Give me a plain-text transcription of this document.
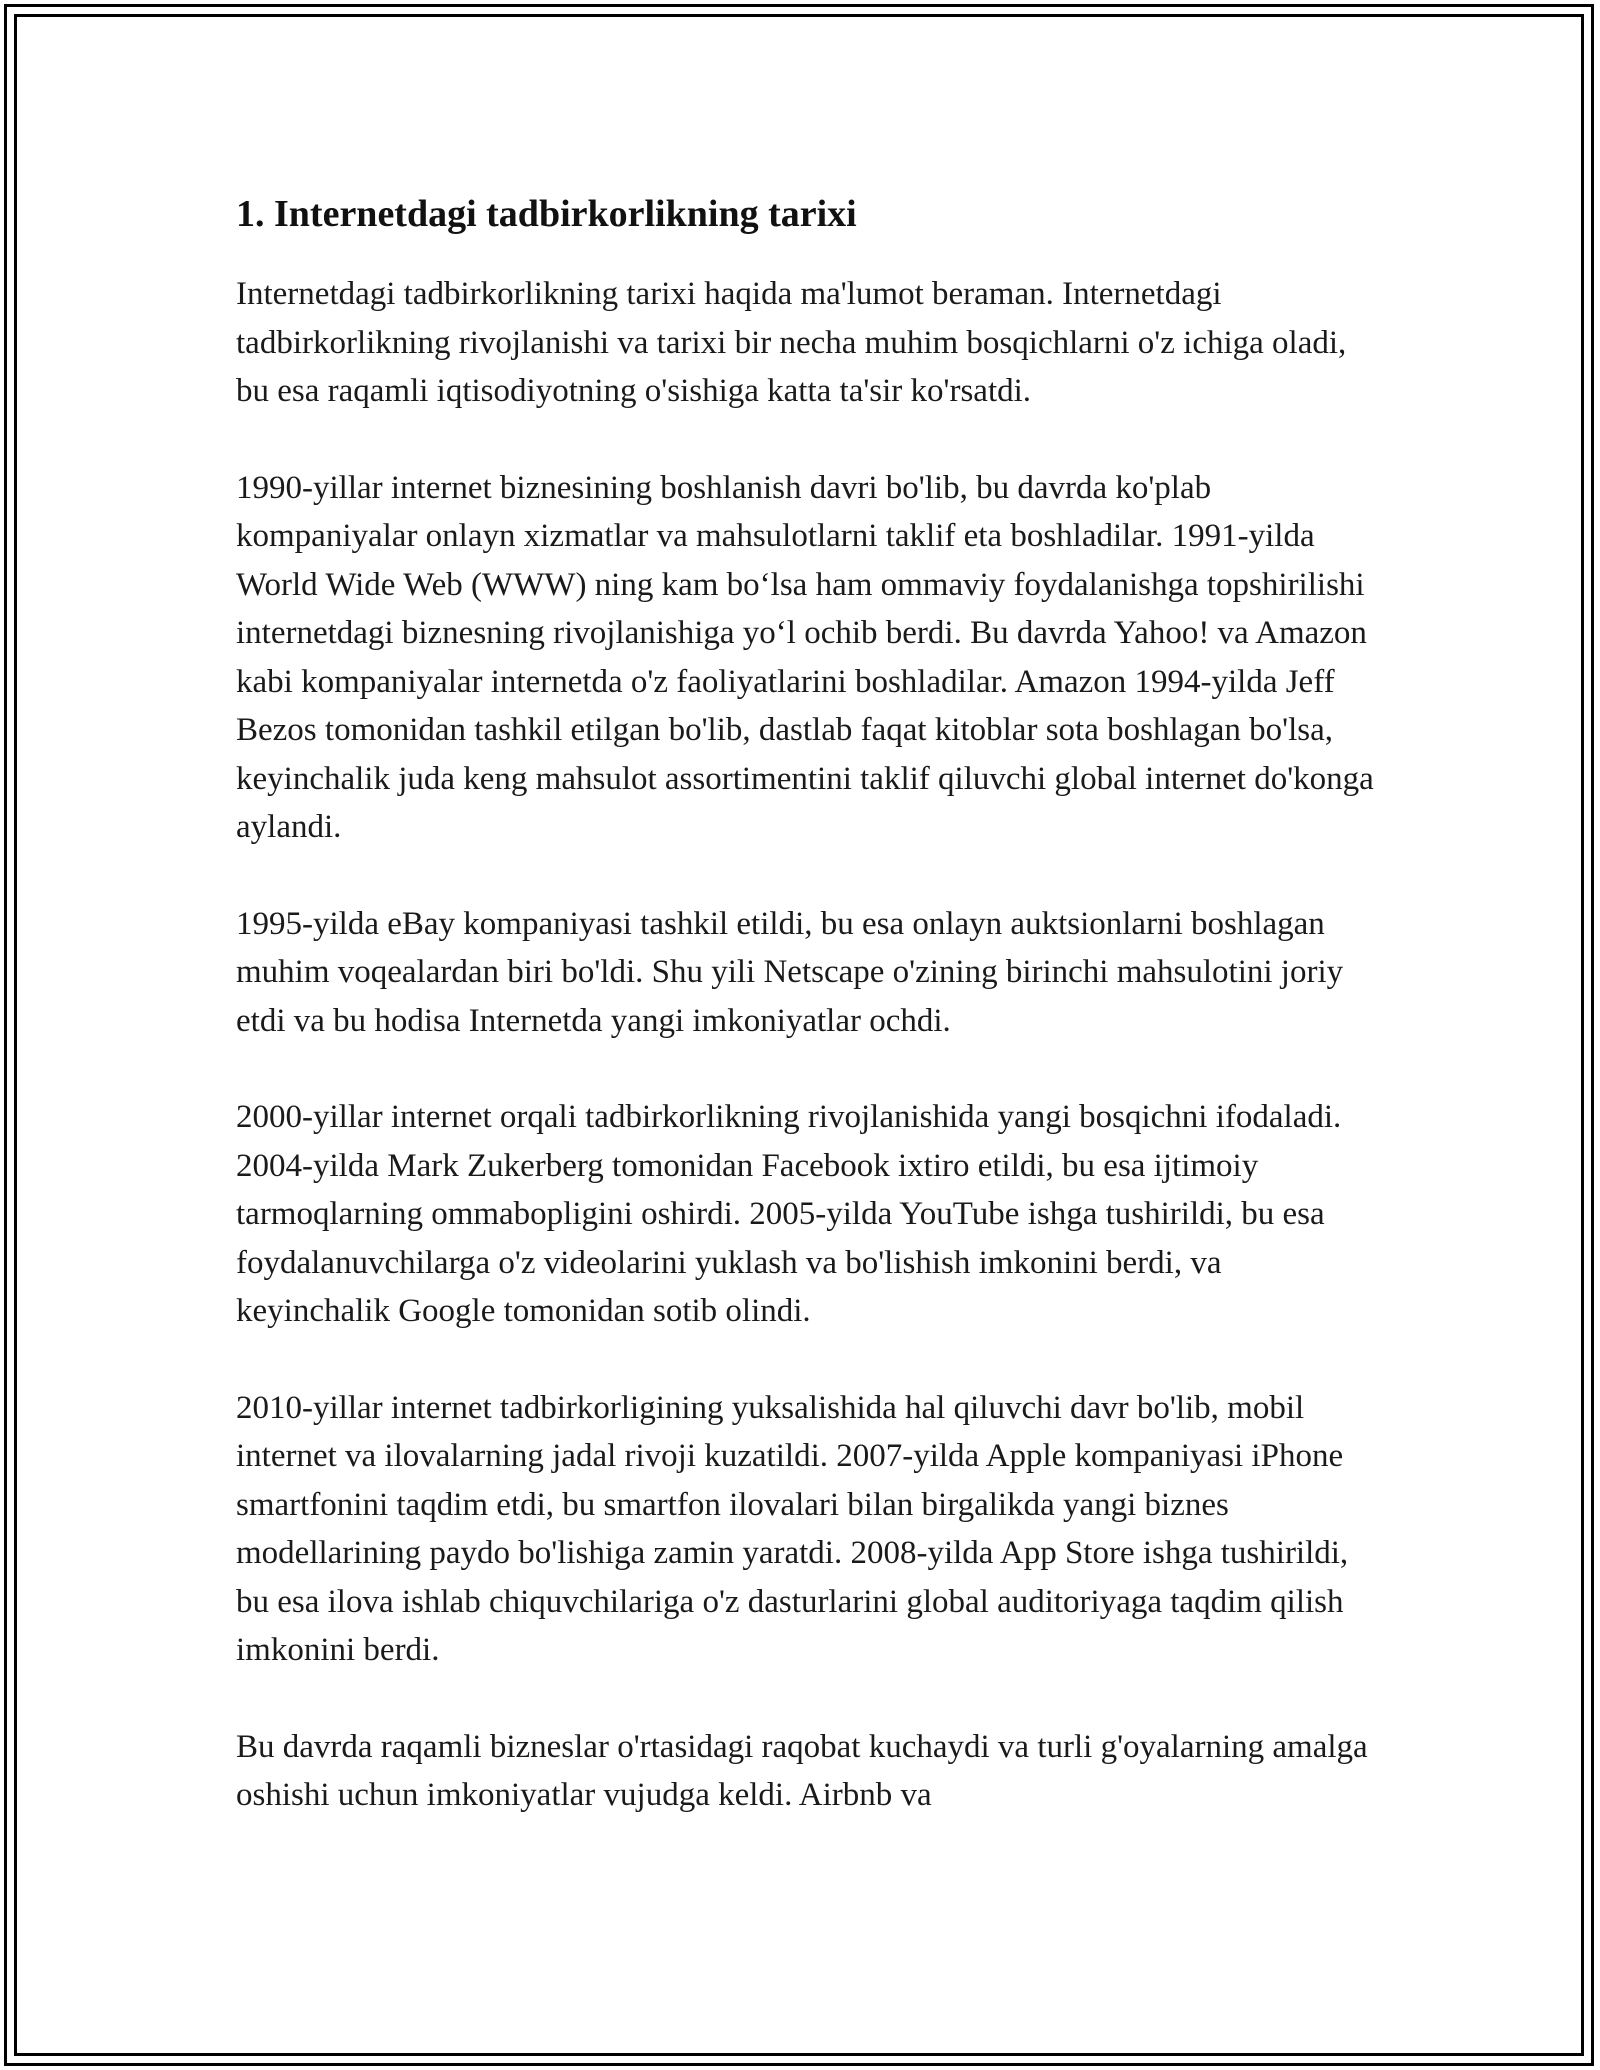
1. Internetdagi tadbirkorlikning tarixi

Internetdagi tadbirkorlikning tarixi haqida ma'lumot beraman. Internetdagi tadbirkorlikning rivojlanishi va tarixi bir necha muhim bosqichlarni o'z ichiga oladi, bu esa raqamli iqtisodiyotning o'sishiga katta ta'sir ko'rsatdi.

1990-yillar internet biznesining boshlanish davri bo'lib, bu davrda ko'plab kompaniyalar onlayn xizmatlar va mahsulotlarni taklif eta boshladilar. 1991-yilda World Wide Web (WWW) ning kam bo‘lsa ham ommaviy foydalanishga topshirilishi internetdagi biznesning rivojlanishiga yo‘l ochib berdi. Bu davrda Yahoo! va Amazon kabi kompaniyalar internetda o'z faoliyatlarini boshladilar. Amazon 1994-yilda Jeff Bezos tomonidan tashkil etilgan bo'lib, dastlab faqat kitoblar sota boshlagan bo'lsa, keyinchalik juda keng mahsulot assortimentini taklif qiluvchi global internet do'konga aylandi.

1995-yilda eBay kompaniyasi tashkil etildi, bu esa onlayn auktsionlarni boshlagan muhim voqealardan biri bo'ldi. Shu yili Netscape o'zining birinchi mahsulotini joriy etdi va bu hodisa Internetda yangi imkoniyatlar ochdi.

2000-yillar internet orqali tadbirkorlikning rivojlanishida yangi bosqichni ifodaladi. 2004-yilda Mark Zukerberg tomonidan Facebook ixtiro etildi, bu esa ijtimoiy tarmoqlarning ommabopligini oshirdi. 2005-yilda YouTube ishga tushirildi, bu esa foydalanuvchilarga o'z videolarini yuklash va bo'lishish imkonini berdi, va keyinchalik Google tomonidan sotib olindi.

2010-yillar internet tadbirkorligining yuksalishida hal qiluvchi davr bo'lib, mobil internet va ilovalarning jadal rivoji kuzatildi. 2007-yilda Apple kompaniyasi iPhone smartfonini taqdim etdi, bu smartfon ilovalari bilan birgalikda yangi biznes modellarining paydo bo'lishiga zamin yaratdi. 2008-yilda App Store ishga tushirildi, bu esa ilova ishlab chiquvchilariga o'z dasturlarini global auditoriyaga taqdim qilish imkonini berdi.

Bu davrda raqamli bizneslar o'rtasidagi raqobat kuchaydi va turli g'oyalarning amalga oshishi uchun imkoniyatlar vujudga keldi. Airbnb va
